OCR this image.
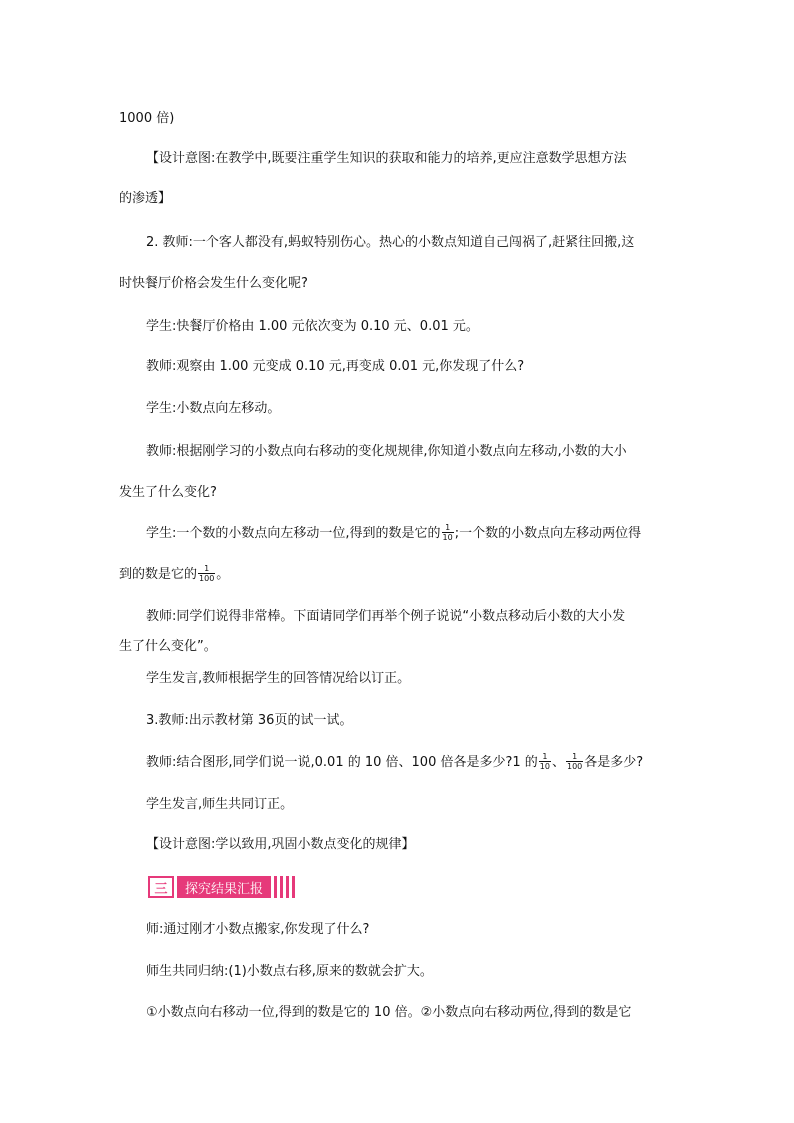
1000 倍)
【设计意图:在教学中,既要注重学生知识的获取和能力的培养,更应注意数学思想方法
的渗透】
2. 教师:一个客人都没有,蚂蚁特别伤心。热心的小数点知道自己闯祸了,赶紧往回搬,这
时快餐厅价格会发生什么变化呢?
学生:快餐厅价格由 1.00 元依次变为 0.10 元、0.01 元。
教师:观察由 1.00 元变成 0.10 元,再变成 0.01 元,你发现了什么?
学生:小数点向左移动。
教师:根据刚学习的小数点向右移动的变化规规律,你知道小数点向左移动,小数的大小
发生了什么变化?
学生:一个数的小数点向左移动一位,得到的数是它的 $\frac{1}{10}$ ;一个数的小数点向左移动两位得
到的数是它的 $\frac{1}{100}$ 。
教师:同学们说得非常棒。下面请同学们再举个例子说说“小数点移动后小数的大小发
生了什么变化”。
学生发言,教师根据学生的回答情况给以订正。
3.教师:出示教材第 36页的试一试。
教师:结合图形,同学们说一说,0.01 的 10 倍、100 倍各是多少?1 的 $\frac{1}{10}$ 、 $\frac{1}{100}$ 各是多少?
学生发言,师生共同订正。
【设计意图:学以致用,巩固小数点变化的规律】
三	探究结果汇报
师:通过刚才小数点搬家,你发现了什么?
师生共同归纳:(1)小数点右移,原来的数就会扩大。
①小数点向右移动一位,得到的数是它的 10 倍。②小数点向右移动两位,得到的数是它
